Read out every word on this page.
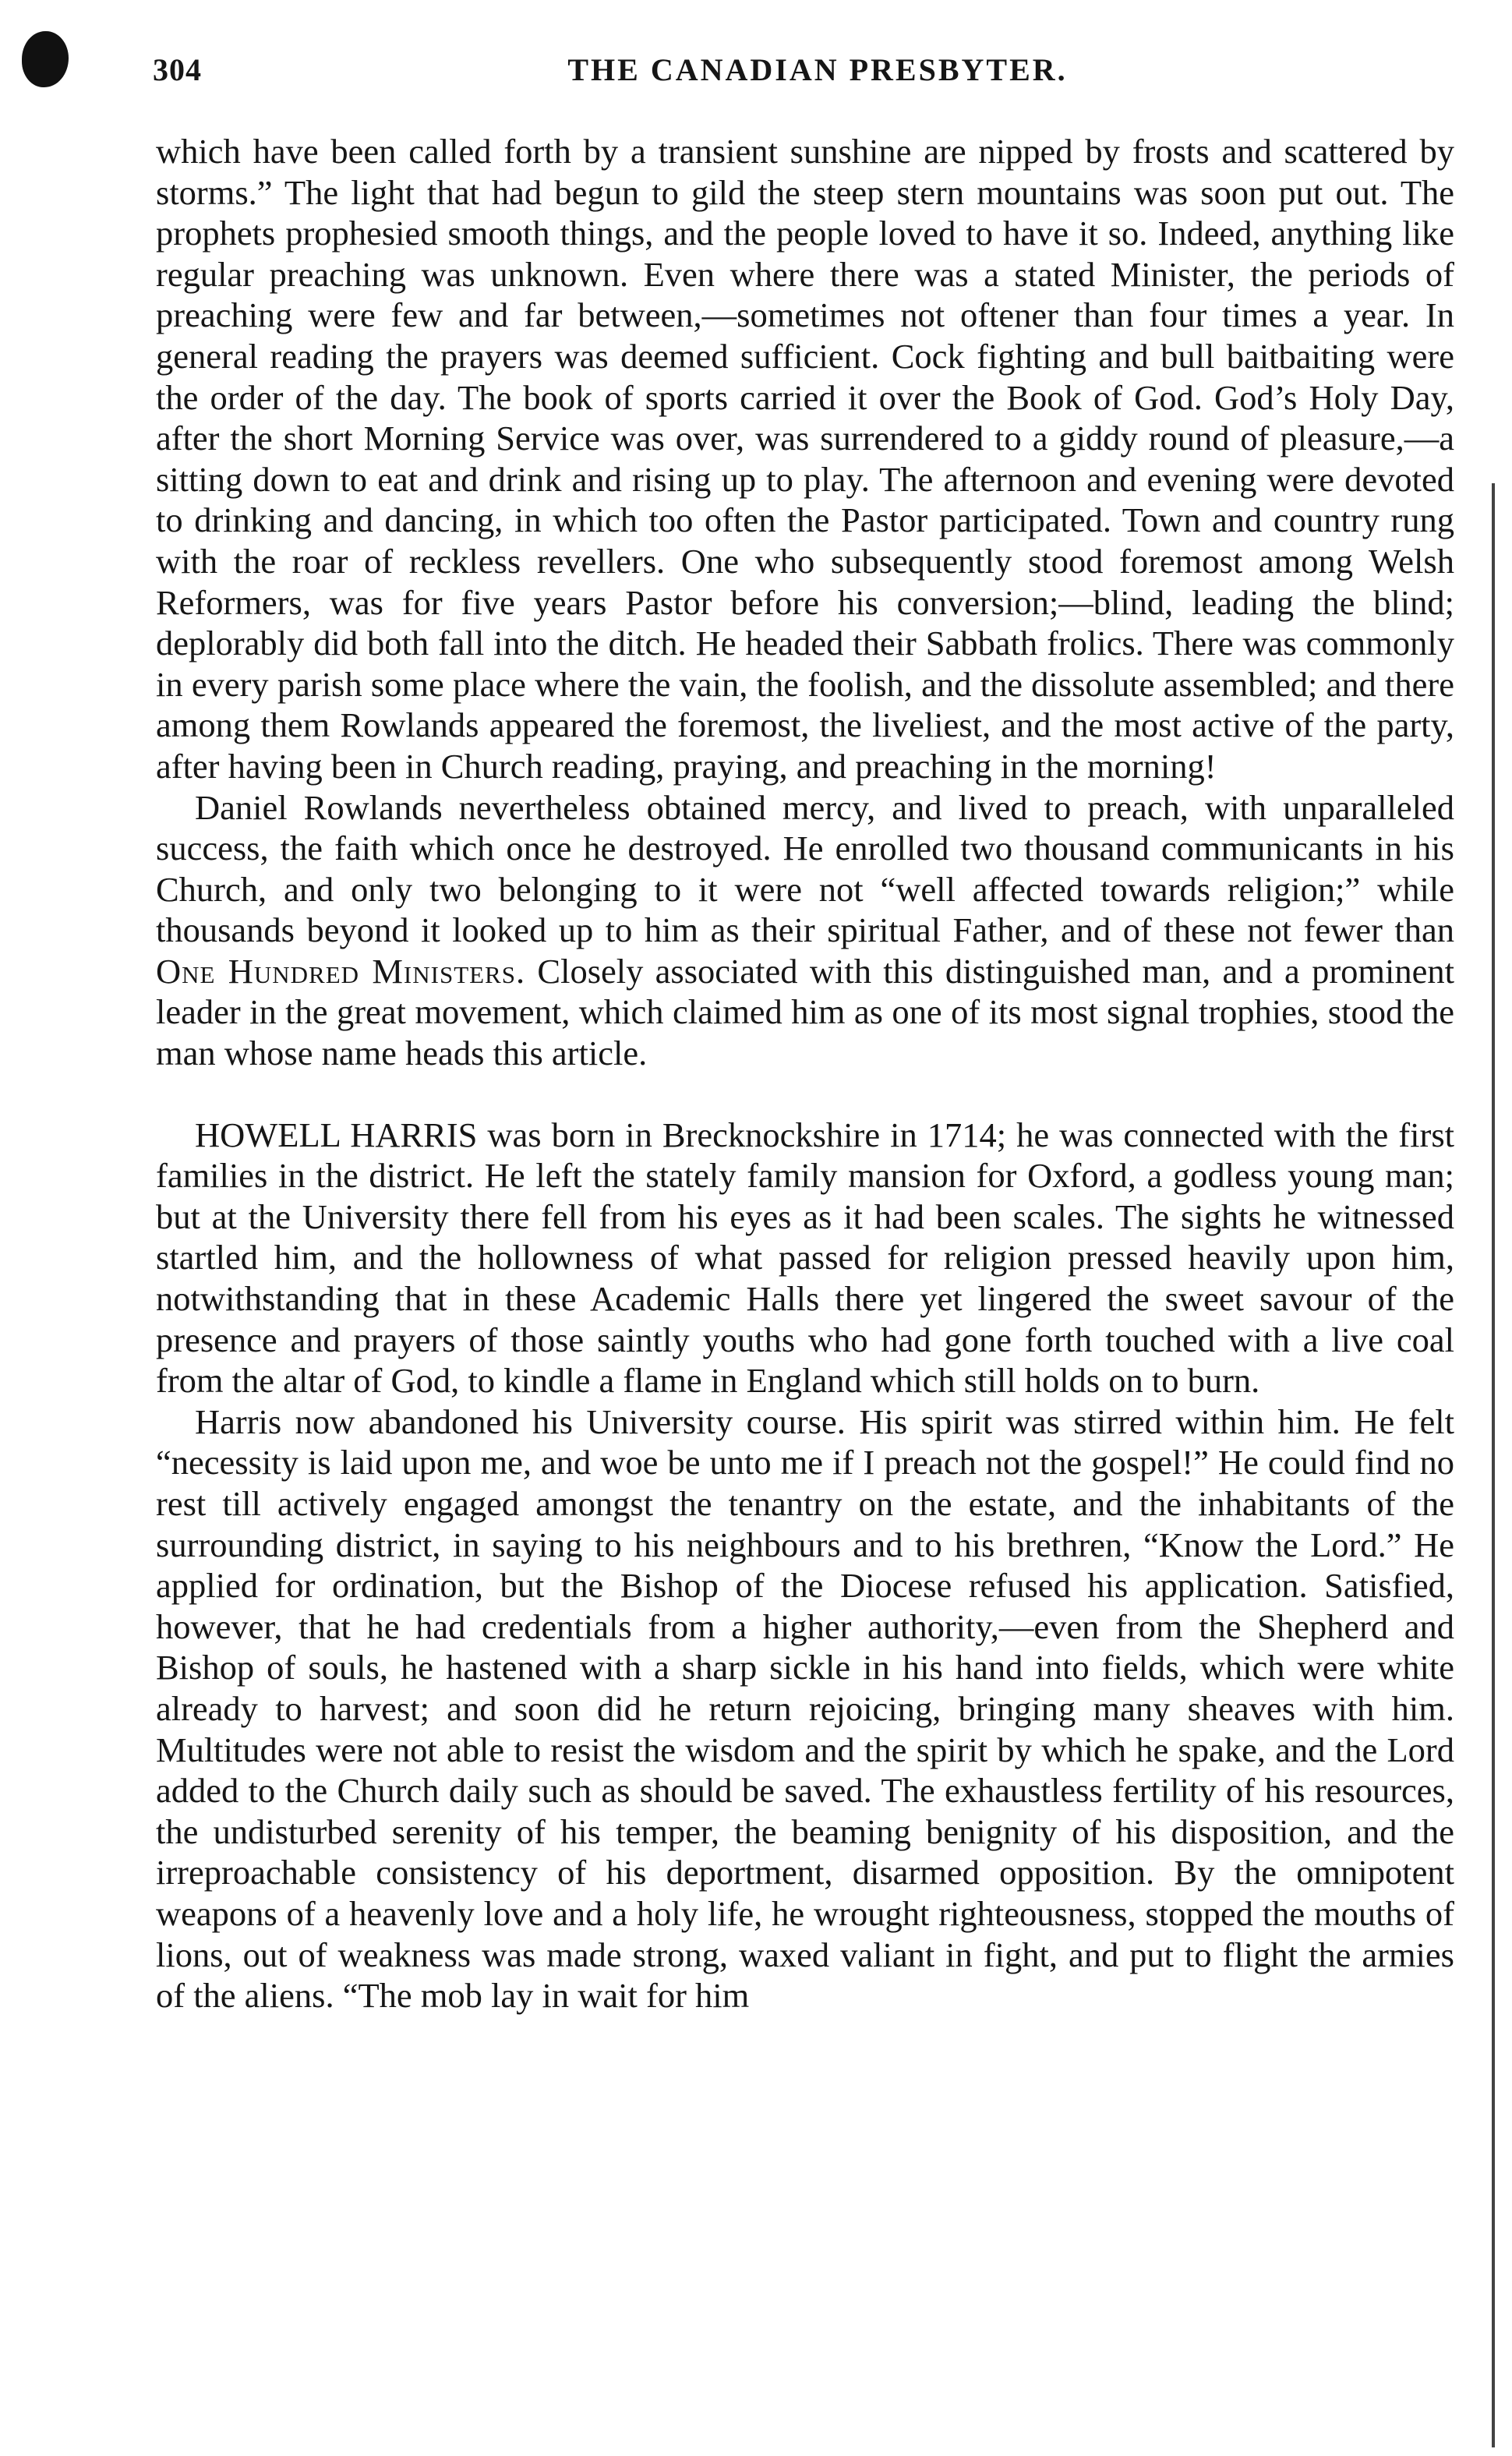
304	THE CANADIAN PRESBYTER.

which have been called forth by a transient sunshine are nipped by frosts and scattered by storms.” The light that had begun to gild the steep stern mountains was soon put out. The prophets prophesied smooth things, and the people loved to have it so. Indeed, anything like regular preaching was unknown. Even where there was a stated Minister, the periods of preaching were few and far between,—sometimes not oftener than four times a year. In general reading the prayers was deemed sufficient. Cock fighting and bull baitbaiting were the order of the day. The book of sports carried it over the Book of God. God’s Holy Day, after the short Morning Service was over, was surrendered to a giddy round of pleasure,—a sitting down to eat and drink and rising up to play. The afternoon and evening were devoted to drinking and dancing, in which too often the Pastor participated. Town and country rung with the roar of reckless revellers. One who subsequently stood foremost among Welsh Reformers, was for five years Pastor before his conversion;—blind, leading the blind; deplorably did both fall into the ditch. He headed their Sabbath frolics. There was commonly in every parish some place where the vain, the foolish, and the dissolute assembled; and there among them Rowlands appeared the foremost, the liveliest, and the most active of the party, after having been in Church reading, praying, and preaching in the morning!

Daniel Rowlands nevertheless obtained mercy, and lived to preach, with unparalleled success, the faith which once he destroyed. He enrolled two thousand communicants in his Church, and only two belonging to it were not “well affected towards religion;” while thousands beyond it looked up to him as their spiritual Father, and of these not fewer than One Hundred Ministers. Closely associated with this distinguished man, and a prominent leader in the great movement, which claimed him as one of its most signal trophies, stood the man whose name heads this article.

HOWELL HARRIS was born in Brecknockshire in 1714; he was connected with the first families in the district. He left the stately family mansion for Oxford, a godless young man; but at the University there fell from his eyes as it had been scales. The sights he witnessed startled him, and the hollowness of what passed for religion pressed heavily upon him, notwithstanding that in these Academic Halls there yet lingered the sweet savour of the presence and prayers of those saintly youths who had gone forth touched with a live coal from the altar of God, to kindle a flame in England which still holds on to burn.

Harris now abandoned his University course. His spirit was stirred within him. He felt “necessity is laid upon me, and woe be unto me if I preach not the gospel!” He could find no rest till actively engaged amongst the tenantry on the estate, and the inhabitants of the surrounding district, in saying to his neighbours and to his brethren, “Know the Lord.” He applied for ordination, but the Bishop of the Diocese refused his application. Satisfied, however, that he had credentials from a higher authority,—even from the Shepherd and Bishop of souls, he hastened with a sharp sickle in his hand into fields, which were white already to harvest; and soon did he return rejoicing, bringing many sheaves with him. Multitudes were not able to resist the wisdom and the spirit by which he spake, and the Lord added to the Church daily such as should be saved. The exhaustless fertility of his resources, the undisturbed serenity of his temper, the beaming benignity of his disposition, and the irreproachable consistency of his deportment, disarmed opposition. By the omnipotent weapons of a heavenly love and a holy life, he wrought righteousness, stopped the mouths of lions, out of weakness was made strong, waxed valiant in fight, and put to flight the armies of the aliens. “The mob lay in wait for him
